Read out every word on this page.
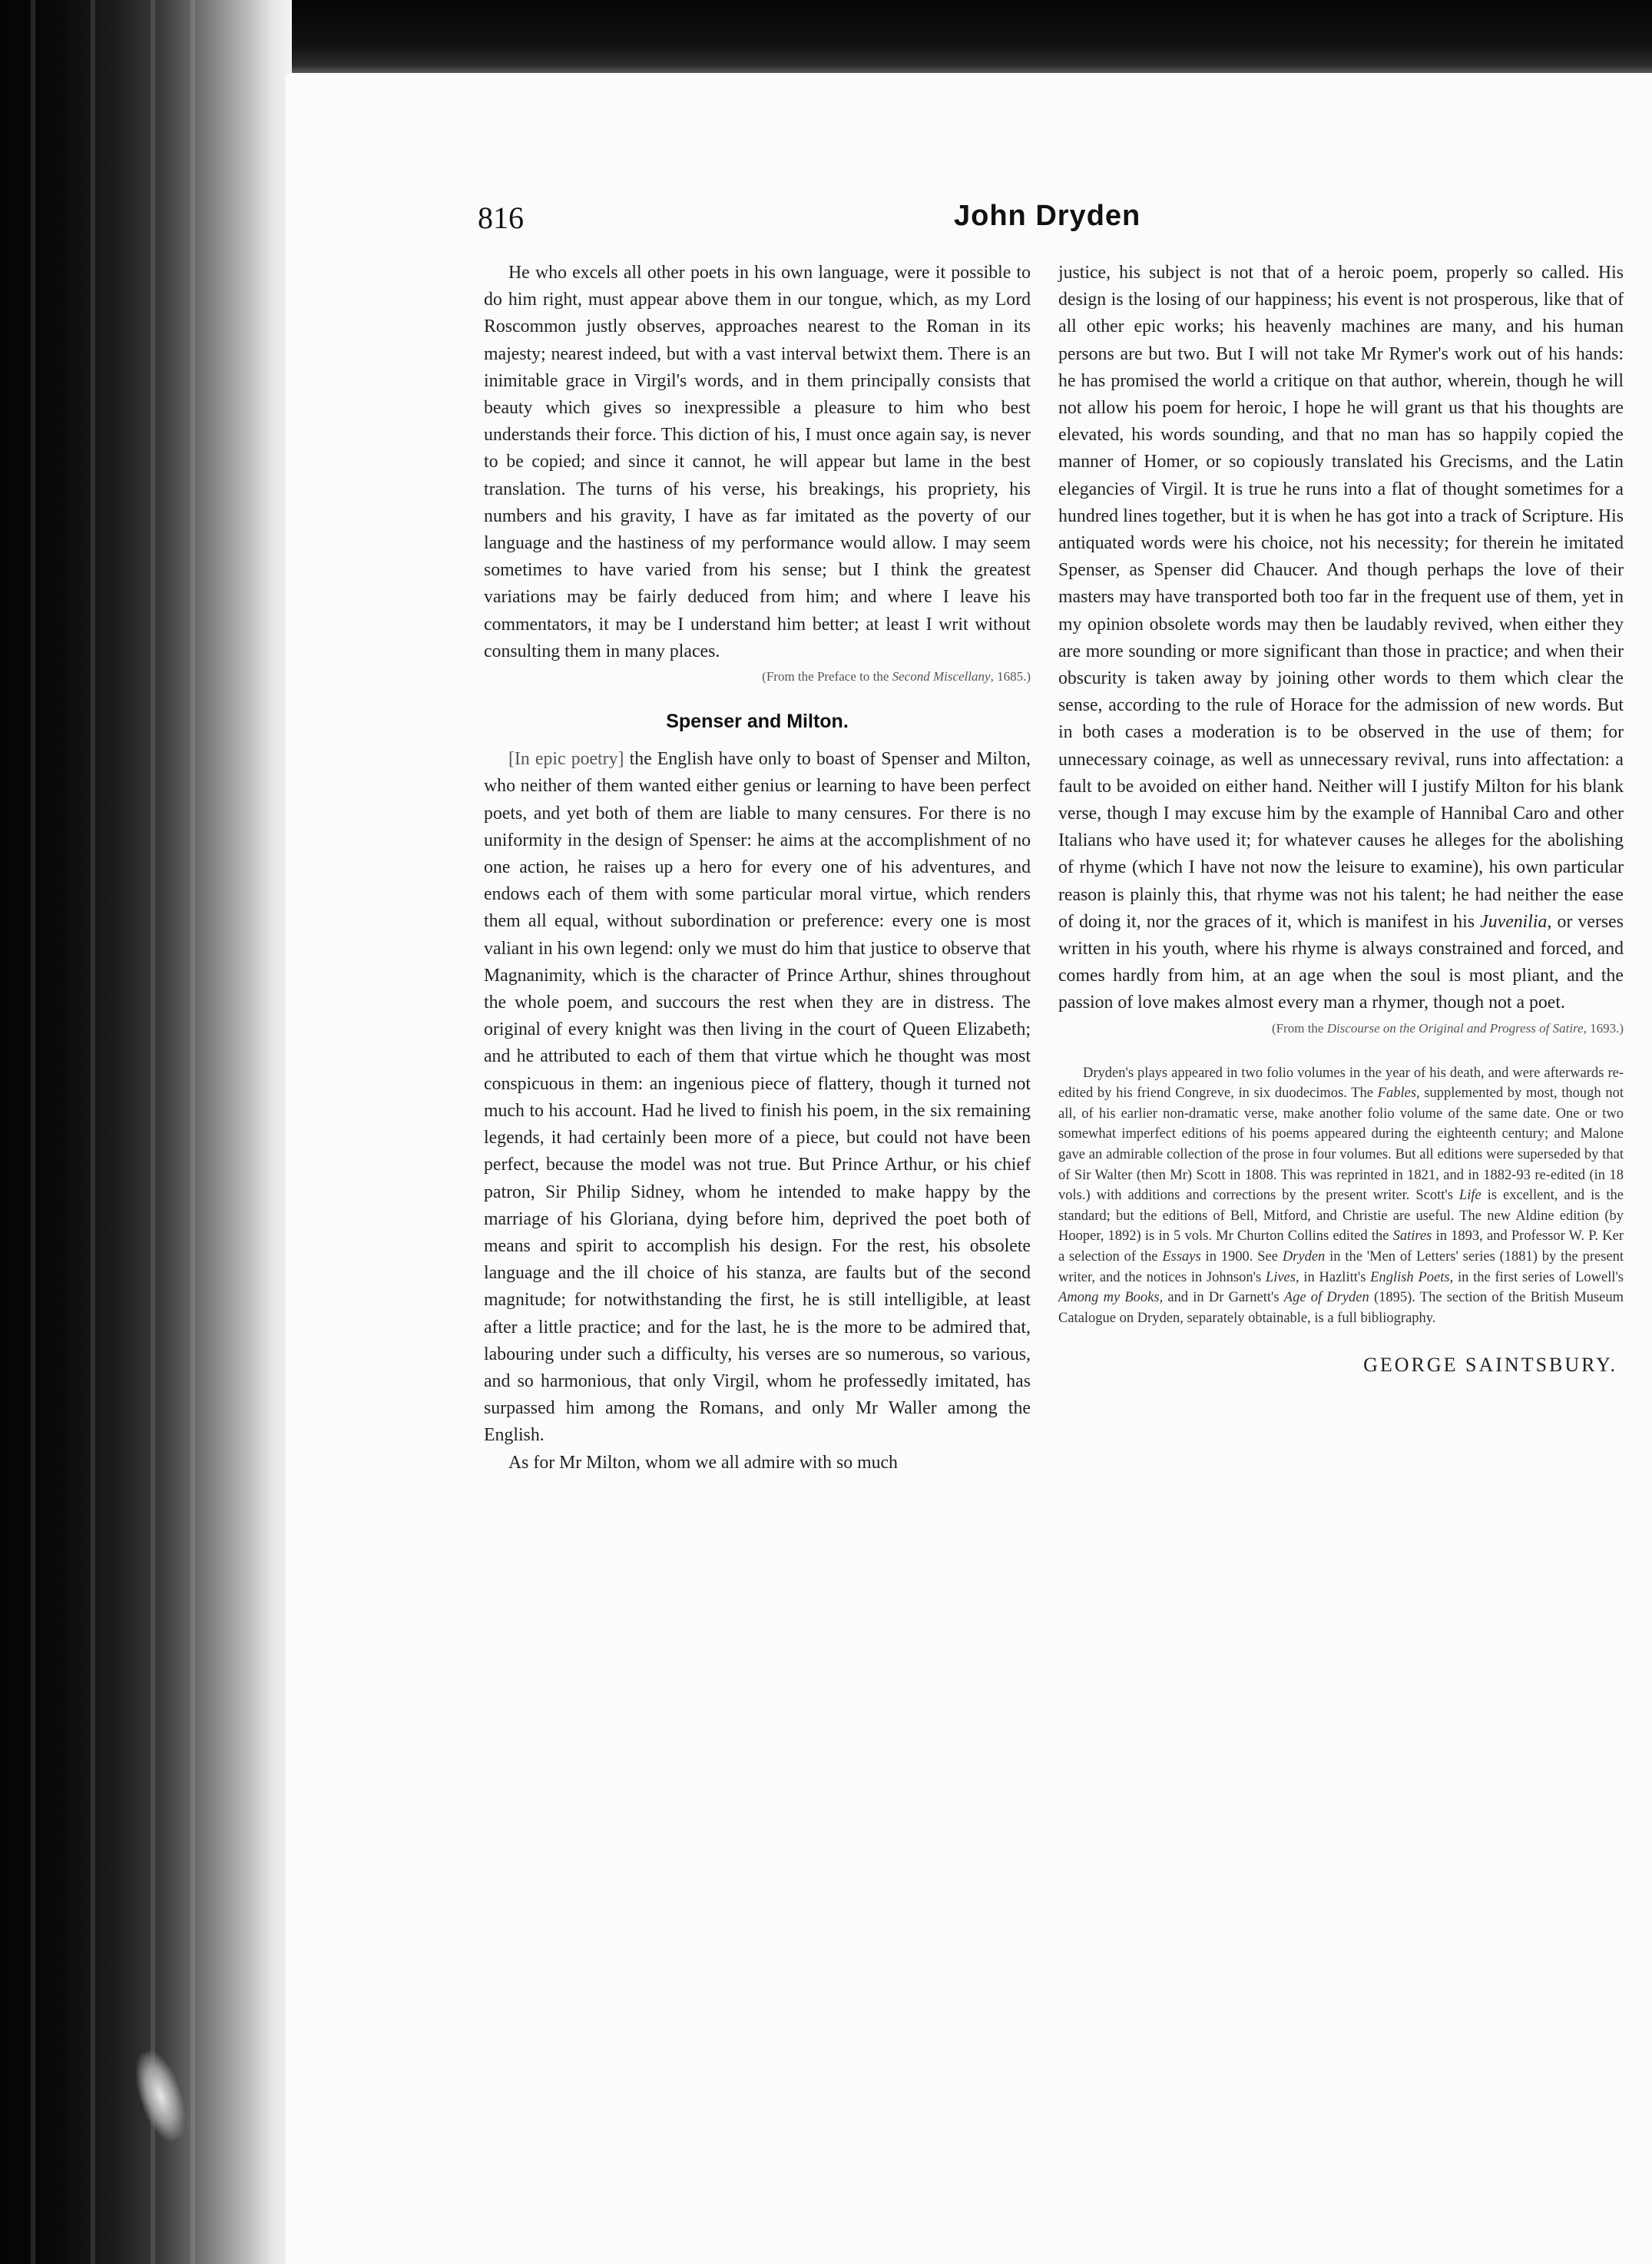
816	John Dryden

He who excels all other poets in his own language, were it possible to do him right, must appear above them in our tongue, which, as my Lord Roscommon justly observes, approaches nearest to the Roman in its majesty; nearest indeed, but with a vast interval betwixt them. There is an inimitable grace in Virgil's words, and in them principally consists that beauty which gives so inexpressible a pleasure to him who best understands their force. This diction of his, I must once again say, is never to be copied; and since it cannot, he will appear but lame in the best translation. The turns of his verse, his breakings, his propriety, his numbers and his gravity, I have as far imitated as the poverty of our language and the hastiness of my performance would allow. I may seem sometimes to have varied from his sense; but I think the greatest variations may be fairly deduced from him; and where I leave his commentators, it may be I understand him better; at least I writ without consulting them in many places.

(From the Preface to the Second Miscellany, 1685.)
Spenser and Milton.

[In epic poetry] the English have only to boast of Spenser and Milton, who neither of them wanted either genius or learning to have been perfect poets, and yet both of them are liable to many censures. For there is no uniformity in the design of Spenser: he aims at the accomplishment of no one action, he raises up a hero for every one of his adventures, and endows each of them with some particular moral virtue, which renders them all equal, without subordination or preference: every one is most valiant in his own legend: only we must do him that justice to observe that Magnanimity, which is the character of Prince Arthur, shines throughout the whole poem, and succours the rest when they are in distress. The original of every knight was then living in the court of Queen Elizabeth; and he attributed to each of them that virtue which he thought was most conspicuous in them: an ingenious piece of flattery, though it turned not much to his account. Had he lived to finish his poem, in the six remaining legends, it had certainly been more of a piece, but could not have been perfect, because the model was not true. But Prince Arthur, or his chief patron, Sir Philip Sidney, whom he intended to make happy by the marriage of his Gloriana, dying before him, deprived the poet both of means and spirit to accomplish his design. For the rest, his obsolete language and the ill choice of his stanza, are faults but of the second magnitude; for notwithstanding the first, he is still intelligible, at least after a little practice; and for the last, he is the more to be admired that, labouring under such a difficulty, his verses are so numerous, so various, and so harmonious, that only Virgil, whom he professedly imitated, has surpassed him among the Romans, and only Mr Waller among the English.

As for Mr Milton, whom we all admire with so much

justice, his subject is not that of a heroic poem, properly so called. His design is the losing of our happiness; his event is not prosperous, like that of all other epic works; his heavenly machines are many, and his human persons are but two. But I will not take Mr Rymer's work out of his hands: he has promised the world a critique on that author, wherein, though he will not allow his poem for heroic, I hope he will grant us that his thoughts are elevated, his words sounding, and that no man has so happily copied the manner of Homer, or so copiously translated his Grecisms, and the Latin elegancies of Virgil. It is true he runs into a flat of thought sometimes for a hundred lines together, but it is when he has got into a track of Scripture. His antiquated words were his choice, not his necessity; for therein he imitated Spenser, as Spenser did Chaucer. And though perhaps the love of their masters may have transported both too far in the frequent use of them, yet in my opinion obsolete words may then be laudably revived, when either they are more sounding or more significant than those in practice; and when their obscurity is taken away by joining other words to them which clear the sense, according to the rule of Horace for the admission of new words. But in both cases a moderation is to be observed in the use of them; for unnecessary coinage, as well as unnecessary revival, runs into affectation: a fault to be avoided on either hand. Neither will I justify Milton for his blank verse, though I may excuse him by the example of Hannibal Caro and other Italians who have used it; for whatever causes he alleges for the abolishing of rhyme (which I have not now the leisure to examine), his own particular reason is plainly this, that rhyme was not his talent; he had neither the ease of doing it, nor the graces of it, which is manifest in his Juvenilia, or verses written in his youth, where his rhyme is always constrained and forced, and comes hardly from him, at an age when the soul is most pliant, and the passion of love makes almost every man a rhymer, though not a poet.

(From the Discourse on the Original and Progress of Satire, 1693.)

Dryden's plays appeared in two folio volumes in the year of his death, and were afterwards re-edited by his friend Congreve, in six duodecimos. The Fables, supplemented by most, though not all, of his earlier non-dramatic verse, make another folio volume of the same date. One or two somewhat imperfect editions of his poems appeared during the eighteenth century; and Malone gave an admirable collection of the prose in four volumes. But all editions were superseded by that of Sir Walter (then Mr) Scott in 1808. This was reprinted in 1821, and in 1882-93 re-edited (in 18 vols.) with additions and corrections by the present writer. Scott's Life is excellent, and is the standard; but the editions of Bell, Mitford, and Christie are useful. The new Aldine edition (by Hooper, 1892) is in 5 vols. Mr Churton Collins edited the Satires in 1893, and Professor W. P. Ker a selection of the Essays in 1900. See Dryden in the 'Men of Letters' series (1881) by the present writer, and the notices in Johnson's Lives, in Hazlitt's English Poets, in the first series of Lowell's Among my Books, and in Dr Garnett's Age of Dryden (1895). The section of the British Museum Catalogue on Dryden, separately obtainable, is a full bibliography.

GEORGE SAINTSBURY.
